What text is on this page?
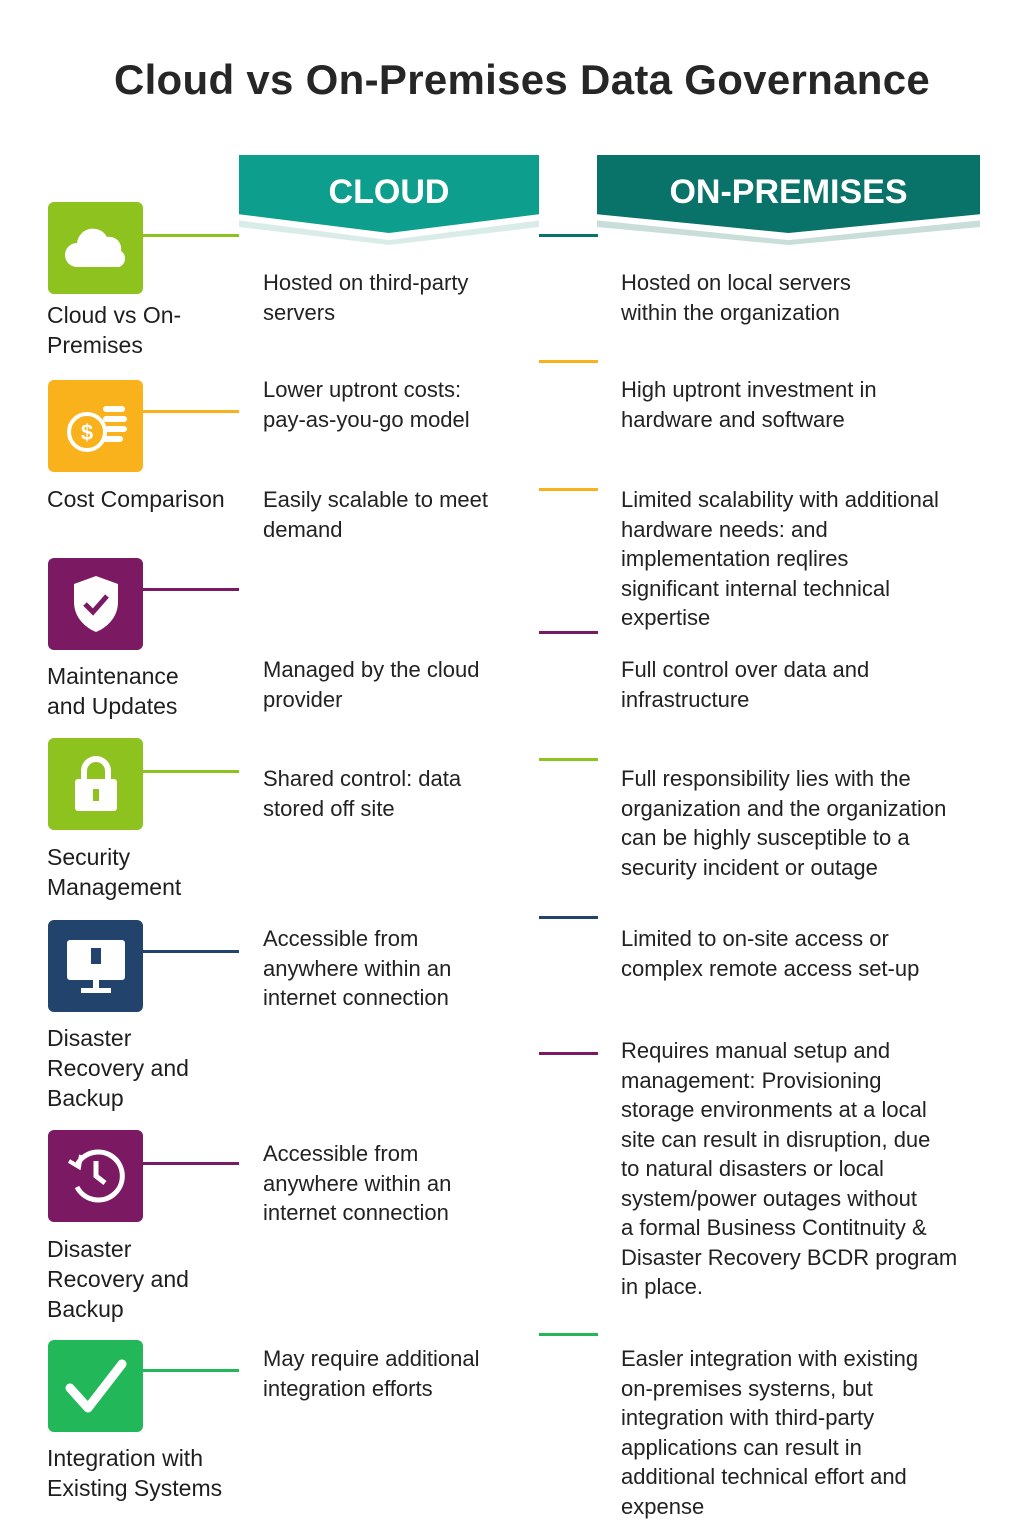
Cloud vs On-Premises Data Governance
CLOUD	ON-PREMISES
Cloud vs On-
Premises
$
Cost Comparison
Maintenance
and Updates
Security
Management
Disaster
Recovery and
Backup
Disaster
Recovery and
Backup
Integration with
Existing Systems
Hosted on third-party
servers
Lower uptront costs:
pay-as-you-go model
Easily scalable to meet
demand
Managed by the cloud
provider
Shared control: data
stored off site
Accessible from
anywhere within an
internet connection
Accessible from
anywhere within an
internet connection
May require additional
integration efforts
Hosted on local servers
within the organization
High uptront investment in
hardware and software
Limited scalability with additional
hardware needs: and
implementation reqlires
significant internal technical
expertise
Full control over data and
infrastructure
Full responsibility lies with the
organization and the organization
can be highly susceptible to a
security incident or outage
Limited to on-site access or
complex remote access set-up
Requires manual setup and
management: Provisioning
storage environments at a local
site can result in disruption, due
to natural disasters or local
system/power outages without
a formal Business Contitnuity &
Disaster Recovery BCDR program
in place.
Easler integration with existing
on-premises systerns, but
integration with third-party
applications can result in
additional technical effort and
expense
